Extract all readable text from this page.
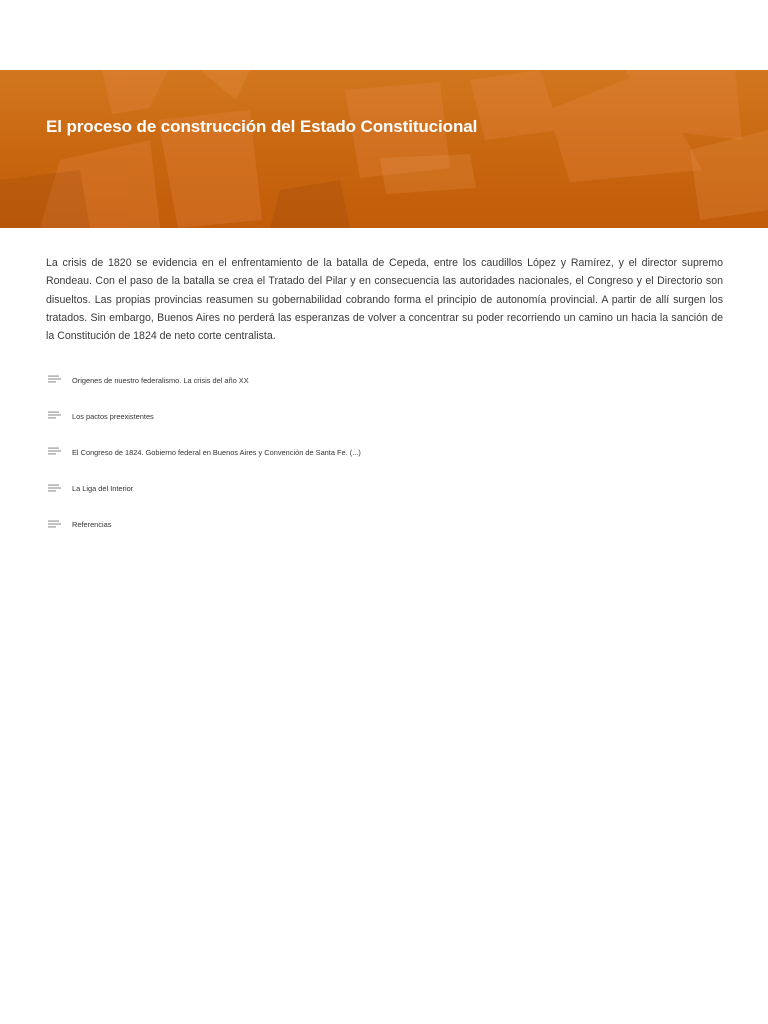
El proceso de construcción del Estado Constitucional

La crisis de 1820 se evidencia en el enfrentamiento de la batalla de Cepeda, entre los caudillos López y Ramírez, y el director supremo Rondeau. Con el paso de la batalla se crea el Tratado del Pilar y en consecuencia las autoridades nacionales, el Congreso y el Directorio son disueltos. Las propias provincias reasumen su gobernabilidad cobrando forma el principio de autonomía provincial. A partir de allí surgen los tratados. Sin embargo, Buenos Aires no perderá las esperanzas de volver a concentrar su poder recorriendo un camino un hacia la sanción de la Constitución de 1824 de neto corte centralista.

Origenes de nuestro federalismo. La crisis del año XX
Los pactos preexistentes
El Congreso de 1824. Gobierno federal en Buenos Aires y Convención de Santa Fe. (...)
La Liga del Interior
Referencias
